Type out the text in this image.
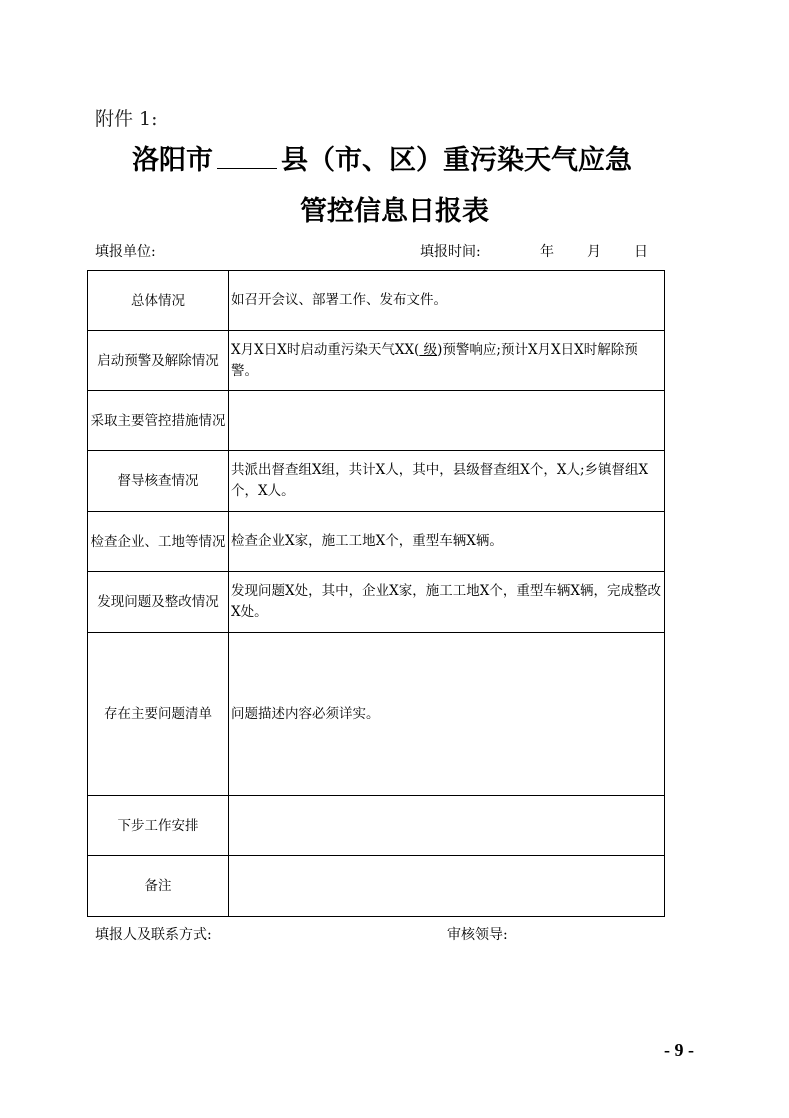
附件 1:
洛阳市	县（市、区）重污染天气应急
管控信息日报表
填报单位:	填报时间:	年 月 日
总体情况	如召开会议、部署工作、发布文件。
启动预警及解除情况	X月X日X时启动重污染天气XX( 级)预警响应;预计X月X日X时解除预警。
采取主要管控措施情况	
督导核查情况	共派出督查组X组，共计X人，其中，县级督查组X个，X人;乡镇督组X个，X人。
检查企业、工地等情况	检查企业X家，施工工地X个，重型车辆X辆。
发现问题及整改情况	发现问题X处，其中，企业X家，施工工地X个，重型车辆X辆，完成整改X处。
存在主要问题清单	问题描述内容必须详实。
下步工作安排	
备注	
填报人及联系方式:	审核领导:
- 9 -
